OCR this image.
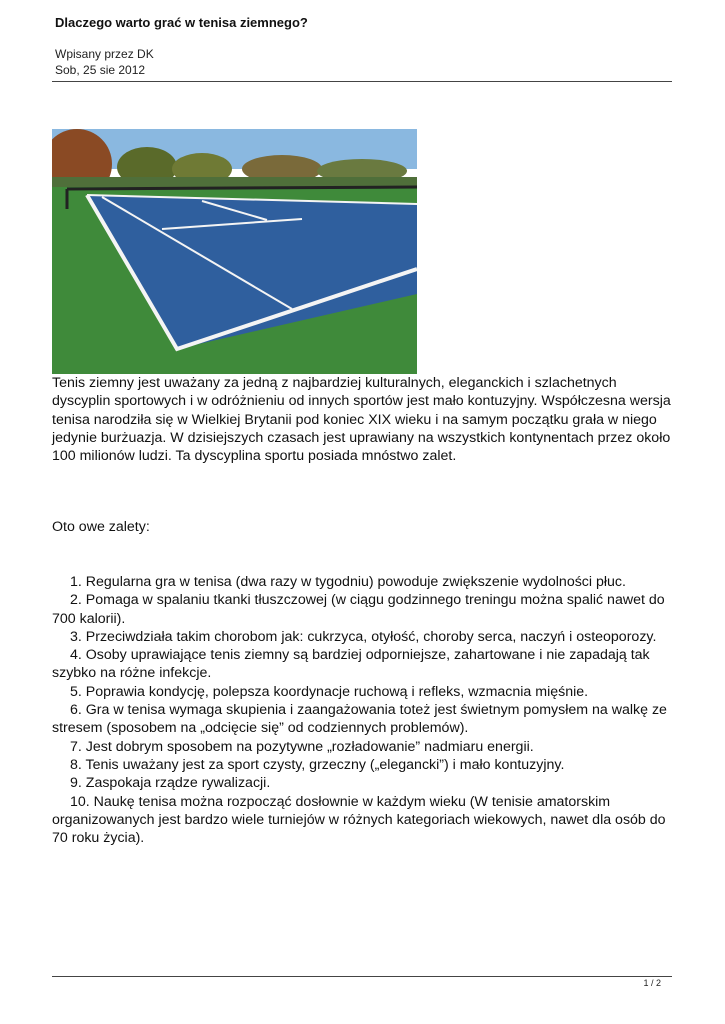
Dlaczego warto grać w tenisa ziemnego?
Wpisany przez DK
Sob, 25 sie 2012
Tenis ziemny jest uważany za jedną z najbardziej kulturalnych, eleganckich i szlachetnych dyscyplin sportowych i w odróżnieniu od innych sportów jest mało kontuzyjny. Współczesna wersja tenisa narodziła się w Wielkiej Brytanii pod koniec XIX wieku i na samym początku grała w niego jedynie burżuazja. W dzisiejszych czasach jest uprawiany na wszystkich kontynentach przez około 100 milionów ludzi. Ta dyscyplina sportu posiada mnóstwo zalet.
Oto owe zalety:
1. Regularna gra w tenisa (dwa razy w tygodniu) powoduje zwiększenie wydolności płuc.
2. Pomaga w spalaniu tkanki tłuszczowej (w ciągu godzinnego treningu można spalić nawet do 700 kalorii).
3. Przeciwdziała takim chorobom jak: cukrzyca, otyłość, choroby serca, naczyń i osteoporozy.
4. Osoby uprawiające tenis ziemny są bardziej odporniejsze, zahartowane i nie zapadają tak szybko na różne infekcje.
5. Poprawia kondycję, polepsza koordynacje ruchową i refleks, wzmacnia mięśnie.
6. Gra w tenisa wymaga skupienia i zaangażowania toteż jest świetnym pomysłem na walkę ze stresem (sposobem na „odcięcie się” od codziennych problemów).
7. Jest dobrym sposobem na pozytywne „rozładowanie” nadmiaru energii.
8. Tenis uważany jest za sport czysty, grzeczny („elegancki”) i mało kontuzyjny.
9. Zaspokaja rządze rywalizacji.
10. Naukę tenisa można rozpocząć dosłownie w każdym wieku (W tenisie amatorskim organizowanych jest bardzo wiele turniejów w różnych kategoriach wiekowych, nawet dla osób do 70 roku życia).
1 / 2
